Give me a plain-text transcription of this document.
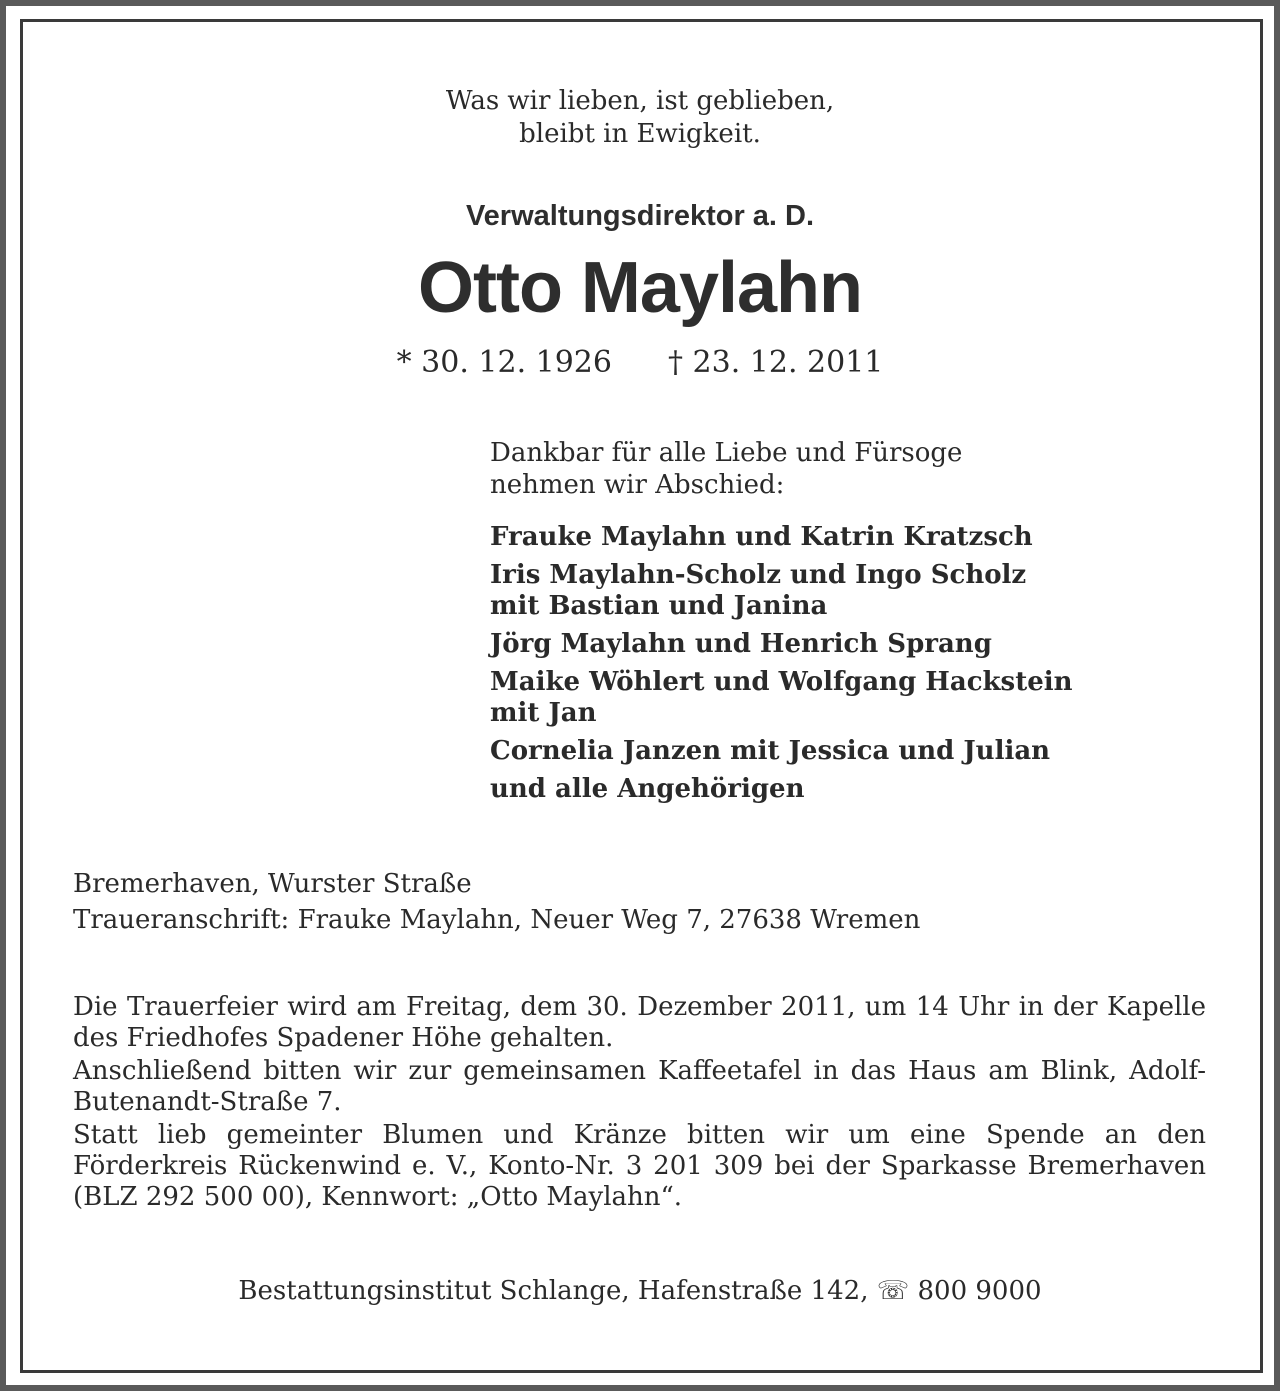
Was wir lieben, ist geblieben,
bleibt in Ewigkeit.
Verwaltungsdirektor a. D.
Otto Maylahn
* 30. 12. 1926 † 23. 12. 2011
Dankbar für alle Liebe und Fürsoge
nehmen wir Abschied:
Frauke Maylahn und Katrin Kratzsch
Iris Maylahn-Scholz und Ingo Scholz
mit Bastian und Janina
Jörg Maylahn und Henrich Sprang
Maike Wöhlert und Wolfgang Hackstein
mit Jan
Cornelia Janzen mit Jessica und Julian
und alle Angehörigen
Bremerhaven, Wurster Straße
Traueranschrift: Frauke Maylahn, Neuer Weg 7, 27638 Wremen

Die Trauerfeier wird am Freitag, dem 30. Dezember 2011, um 14 Uhr in der Kapelle des Friedhofes Spadener Höhe gehalten.

Anschließend bitten wir zur gemeinsamen Kaffeetafel in das Haus am Blink, Adolf-Butenandt-Straße 7.

Statt lieb gemeinter Blumen und Kränze bitten wir um eine Spende an den Förderkreis Rückenwind e. V., Konto-Nr. 3 201 309 bei der Sparkasse Bremerhaven (BLZ 292 500 00), Kennwort: „Otto Maylahn“.

Bestattungsinstitut Schlange, Hafenstraße 142, ☏ 800 9000
